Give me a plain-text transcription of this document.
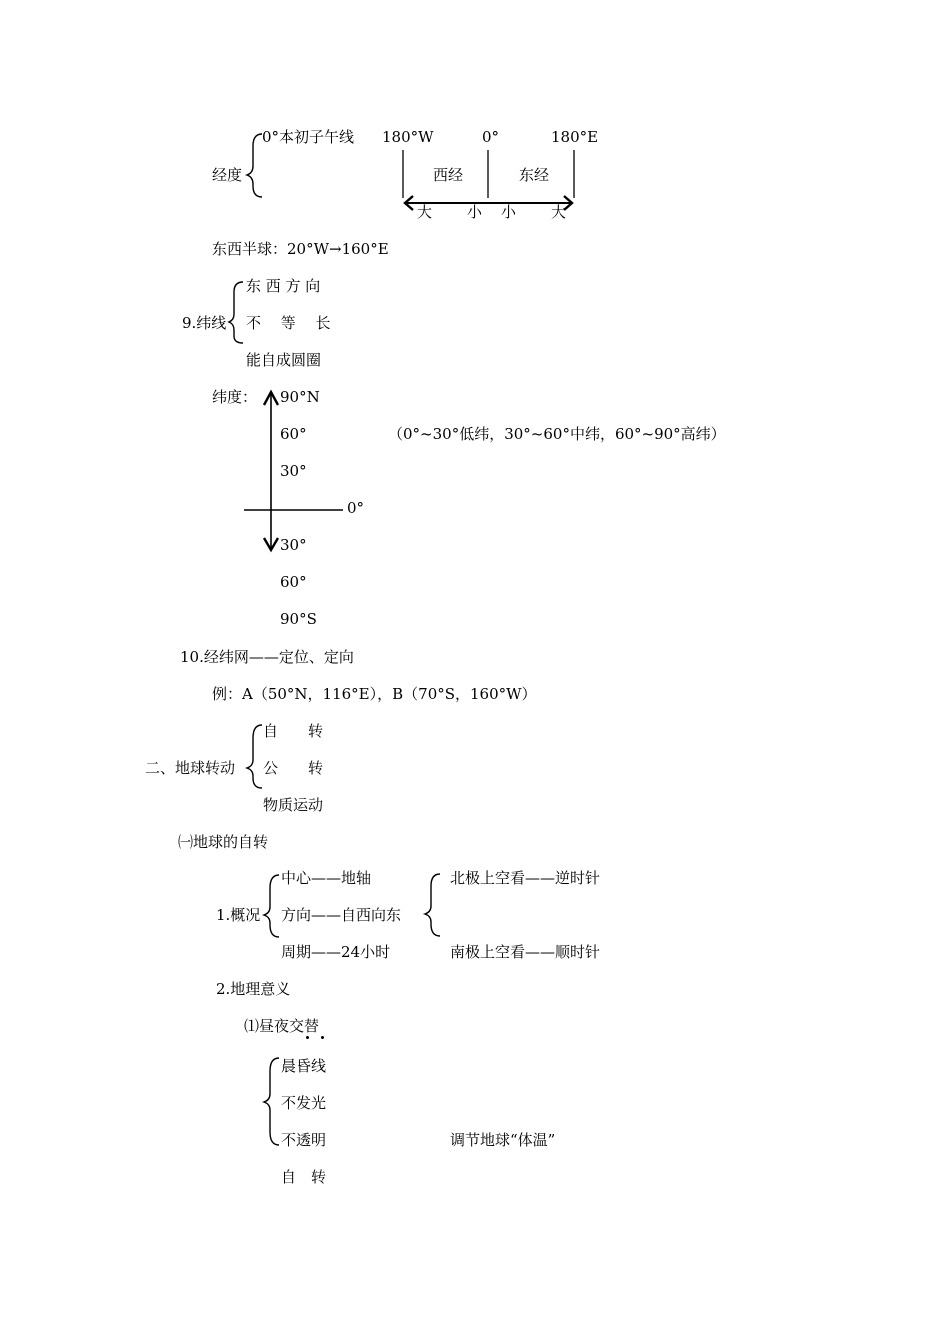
经度
0°本初子午线 180°W	0°	180°E
西经	东经
大 小 小 大
东西半球：20°W→160°E
9.纬线
东 西 方 向
不　 等　 长
能自成圆圈
纬度： 90°N
60°
30°
0°
30°
60°
90°S
（0°~30°低纬，30°~60°中纬，60°~90°高纬）
10.经纬网——定位、定向
例：A（50°N，116°E），B（70°S，160°W）
二、地球转动
自　　转
公　　转
物质运动
㈠地球的自转
1.概况
中心——地轴
方向——自西向东
周期——24小时
北极上空看——逆时针
南极上空看——顺时针
2.地理意义
⑴昼夜交替
晨昏线
不发光
不透明	调节地球“体温”
自　转
